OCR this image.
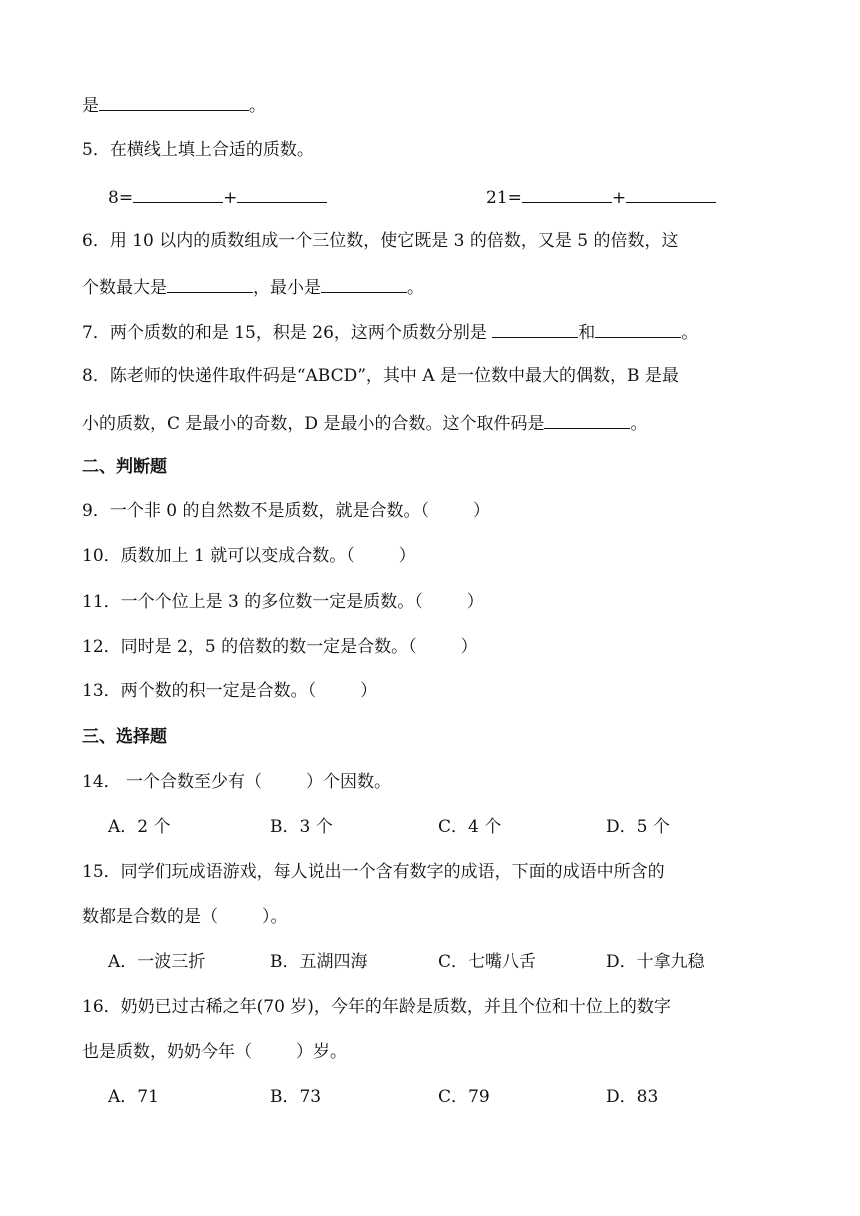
是	。
5．在横线上填上合适的质数。
8=	+	21=	+
6．用 10 以内的质数组成一个三位数，使它既是 3 的倍数，又是 5 的倍数，这
个数最大是	，最小是	。
7．两个质数的和是 15，积是 26，这两个质数分别是	和	。
8．陈老师的快递件取件码是“ABCD”，其中 A 是一位数中最大的偶数，B 是最
小的质数，C 是最小的奇数，D 是最小的合数。这个取件码是	。
二、判断题
9．一个非 0 的自然数不是质数，就是合数。（	）
10．质数加上 1 就可以变成合数。（	）
11．一个个位上是 3 的多位数一定是质数。（	）
12．同时是 2，5 的倍数的数一定是合数。（	）
13．两个数的积一定是合数。（	）
三、选择题
14． 一个合数至少有（	）个因数。
A．2 个	B．3 个	C．4 个	D．5 个
15．同学们玩成语游戏，每人说出一个含有数字的成语，下面的成语中所含的
数都是合数的是（	）。
A．一波三折	B．五湖四海	C．七嘴八舌	D．十拿九稳
16．奶奶已过古稀之年(70 岁)，今年的年龄是质数，并且个位和十位上的数字
也是质数，奶奶今年（	）岁。
A．71	B．73	C．79	D．83
